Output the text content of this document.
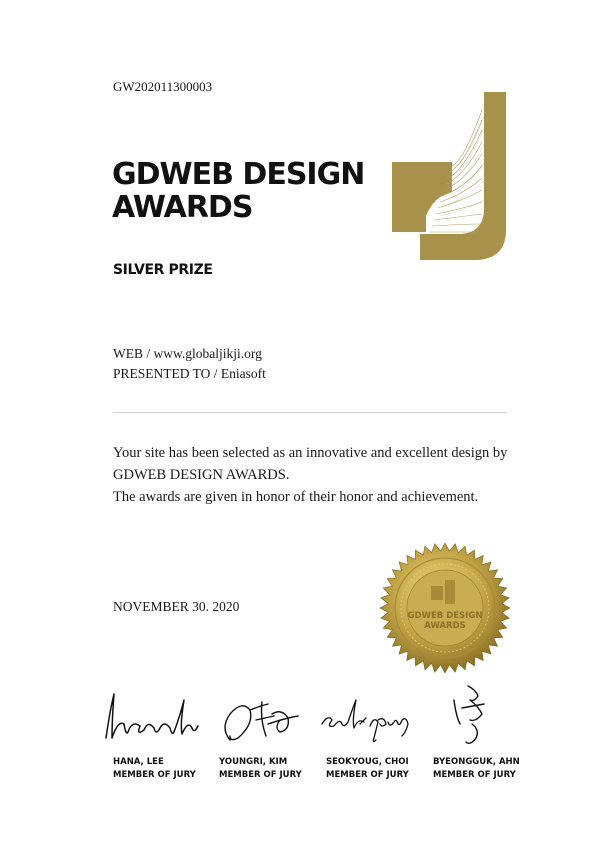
GW202011300003
GDWEB DESIGN
AWARDS
SILVER PRIZE
WEB / www.globaljikji.org
PRESENTED TO / Eniasoft
Your site has been selected as an innovative and excellent design by
GDWEB DESIGN AWARDS.
The awards are given in honor of their honor and achievement.
NOVEMBER 30. 2020
GDWEB DESIGN
AWARDS
HANA, LEE
MEMBER OF JURY
YOUNGRI, KIM
MEMBER OF JURY
SEOKYOUG, CHOI
MEMBER OF JURY
BYEONGGUK, AHN
MEMBER OF JURY
